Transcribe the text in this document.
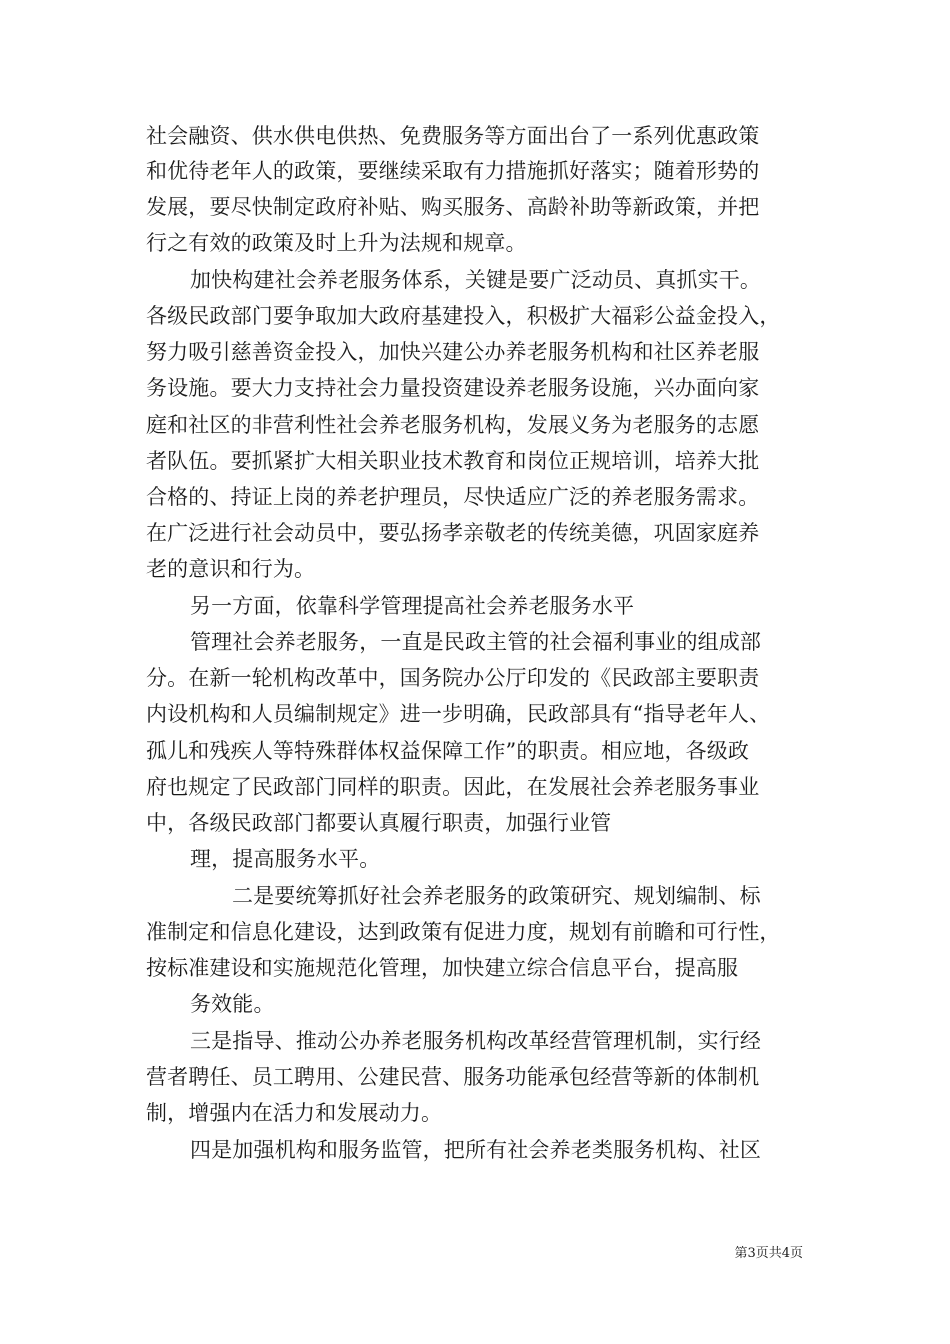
社会融资、供水供电供热、免费服务等方面出台了一系列优惠政策
和优待老年人的政策，要继续采取有力措施抓好落实；随着形势的
发展，要尽快制定政府补贴、购买服务、高龄补助等新政策，并把
行之有效的政策及时上升为法规和规章。
加快构建社会养老服务体系，关键是要广泛动员、真抓实干。
各级民政部门要争取加大政府基建投入，积极扩大福彩公益金投入，
努力吸引慈善资金投入，加快兴建公办养老服务机构和社区养老服
务设施。要大力支持社会力量投资建设养老服务设施，兴办面向家
庭和社区的非营利性社会养老服务机构，发展义务为老服务的志愿
者队伍。要抓紧扩大相关职业技术教育和岗位正规培训，培养大批
合格的、持证上岗的养老护理员，尽快适应广泛的养老服务需求。
在广泛进行社会动员中，要弘扬孝亲敬老的传统美德，巩固家庭养
老的意识和行为。
另一方面，依靠科学管理提高社会养老服务水平
管理社会养老服务，一直是民政主管的社会福利事业的组成部
分。在新一轮机构改革中，国务院办公厅印发的《民政部主要职责
内设机构和人员编制规定》进一步明确，民政部具有“指导老年人、
孤儿和残疾人等特殊群体权益保障工作”的职责。相应地，各级政
府也规定了民政部门同样的职责。因此，在发展社会养老服务事业
中，各级民政部门都要认真履行职责，加强行业管
理，提高服务水平。
二是要统筹抓好社会养老服务的政策研究、规划编制、标
准制定和信息化建设，达到政策有促进力度，规划有前瞻和可行性，
按标准建设和实施规范化管理，加快建立综合信息平台，提高服
务效能。
三是指导、推动公办养老服务机构改革经营管理机制，实行经
营者聘任、员工聘用、公建民营、服务功能承包经营等新的体制机
制，增强内在活力和发展动力。
四是加强机构和服务监管，把所有社会养老类服务机构、社区
第3页共4页
